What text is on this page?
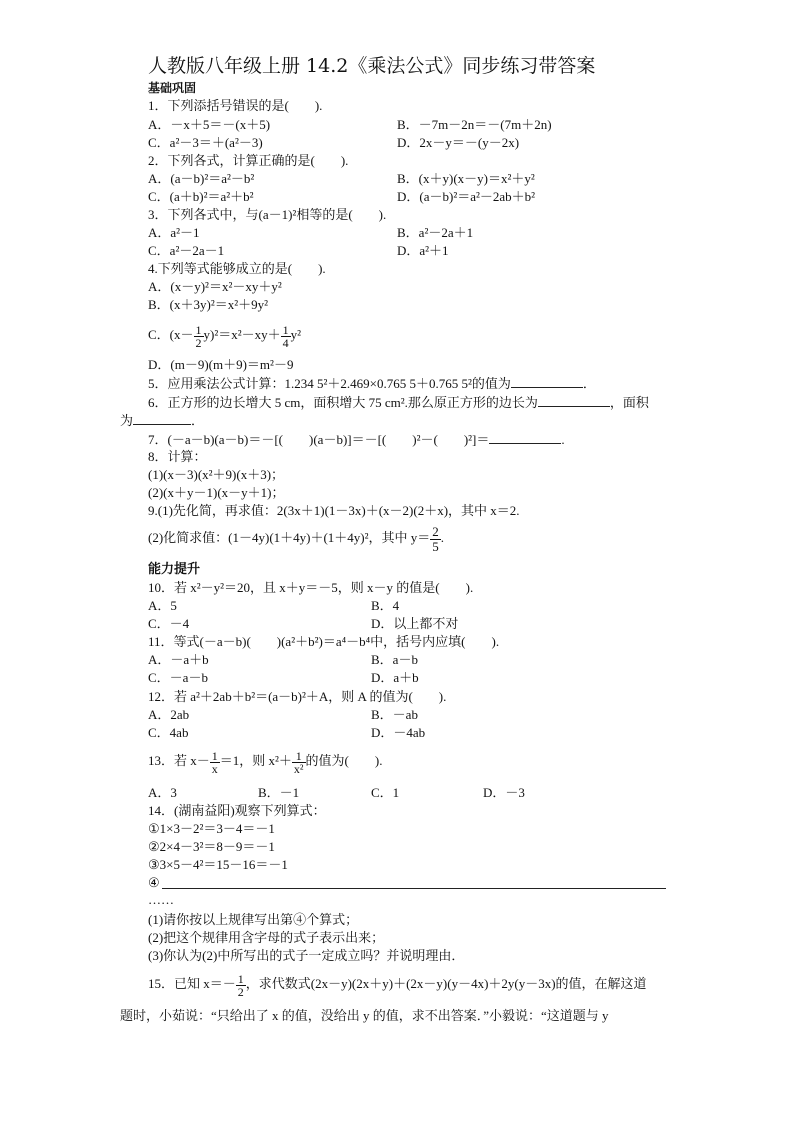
人教版八年级上册 14.2《乘法公式》同步练习带答案
基础巩固
1．下列添括号错误的是(　　).
A．－x＋5＝－(x＋5)	B．－7m－2n＝－(7m＋2n)
C．a²－3＝＋(a²－3)	D．2x－y＝－(y－2x)
2．下列各式，计算正确的是(　　).
A．(a－b)²＝a²－b²	B．(x＋y)(x－y)＝x²＋y²
C．(a＋b)²＝a²＋b²	D．(a－b)²＝a²－2ab＋b²
3．下列各式中，与(a－1)²相等的是(　　).
A．a²－1	B．a²－2a＋1
C．a²－2a－1	D．a²＋1
4.下列等式能够成立的是(　　).
A．(x－y)²＝x²－xy＋y²
B．(x＋3y)²＝x²＋9y²
C．$(x- \frac{1}{2} y)^2=x^2-xy+ \frac{1}{4} y^2$
D．(m－9)(m＋9)＝m²－9
5．应用乘法公式计算：1.234 5²＋2.469×0.765 5＋0.765 5²的值为	．
6．正方形的边长增大 5 cm，面积增大 75 cm².那么原正方形的边长为	，面积
为	．
7．(－a－b)(a－b)＝－[(　　)(a－b)]＝－[(　　)²－(　　)²]＝	.
8．计算：
(1)(x－3)(x²＋9)(x＋3)；
(2)(x＋y－1)(x－y＋1)；
9.(1)先化简，再求值：2(3x＋1)(1－3x)＋(x－2)(2＋x)，其中 x＝2.
(2)化简求值：(1－4y)(1＋4y)＋(1＋4y)²，其中 $y= \frac{2}{5}$ .
能力提升
10．若 x²－y²＝20，且 x＋y＝－5，则 x－y 的值是(　　).
A．5	B．4
C．－4	D．以上都不对
11．等式(－a－b)(　　)(a²＋b²)＝a⁴－b⁴中，括号内应填(　　).
A．－a＋b	B．a－b
C．－a－b	D．a＋b
12．若 a²＋2ab＋b²＝(a－b)²＋A，则 A 的值为(　　).
A．2ab	B．－ab
C．4ab	D．－4ab
13．若 $x- \frac{1}{x} =1$，则 $x^2+ \frac{1}{\text{x²}}$ 的值为(　　).
A．3	B．－1	C．1	D．－3
14．(湖南益阳)观察下列算式：
①1×3－2²＝3－4＝－1
②2×4－3²＝8－9＝－1
③3×5－4²＝15－16＝－1
④
……
(1)请你按以上规律写出第④个算式；
(2)把这个规律用含字母的式子表示出来；
(3)你认为(2)中所写出的式子一定成立吗？并说明理由．
15．已知 $x=- \frac{1}{2}$ ，求代数式(2x－y)(2x＋y)＋(2x－y)(y－4x)＋2y(y－3x)的值，在解这道
题时，小茹说：“只给出了 x 的值，没给出 y 的值，求不出答案．”小毅说：“这道题与 y
